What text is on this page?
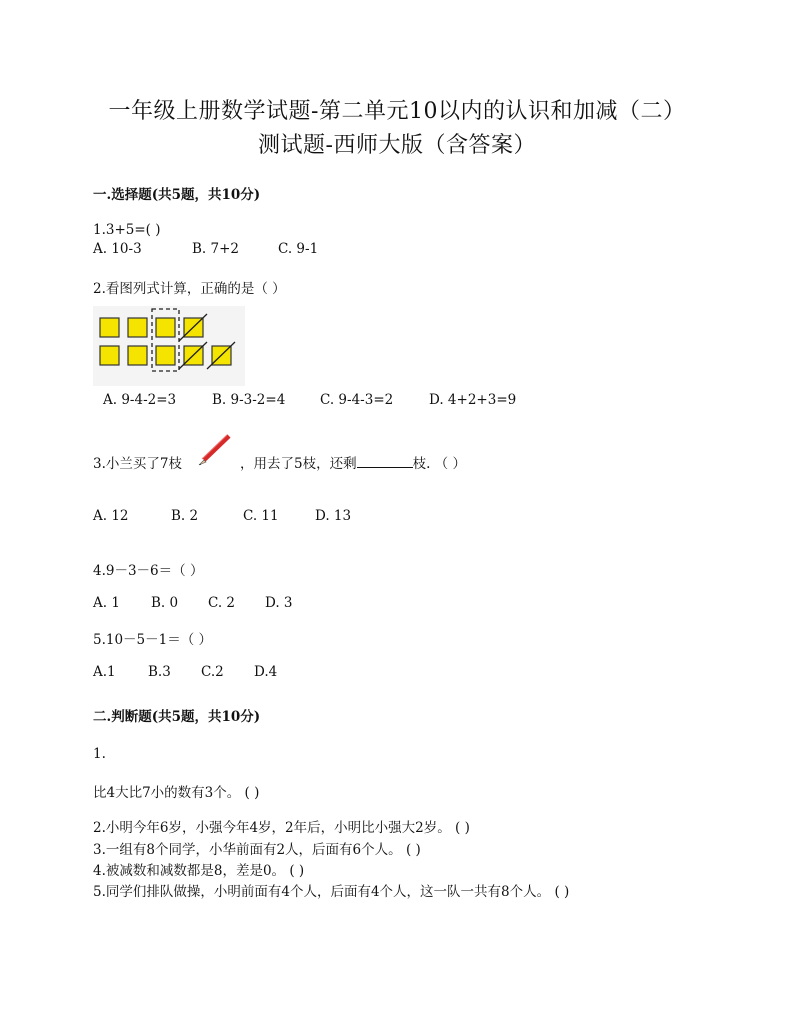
一年级上册数学试题-第二单元10以内的认识和加减（二）
测试题-西师大版（含答案）
一.选择题(共5题，共10分)
1.3+5=( )
A. 10-3	B. 7+2	C. 9-1
2.看图列式计算，正确的是（ ）
A. 9-4-2=3	B. 9-3-2=4	C. 9-4-3=2	D. 4+2+3=9
3.小兰买了7枝	，用去了5枝，还剩	枝. （ ）
A. 12	B. 2	C. 11	D. 13
4.9－3－6＝（ ）
A. 1 B. 0 C. 2 D. 3
5.10－5－1＝（ ）
A.1 B.3 C.2 D.4
二.判断题(共5题，共10分)
1.
比4大比7小的数有3个。 ( )
2.小明今年6岁，小强今年4岁，2年后，小明比小强大2岁。 ( )
3.一组有8个同学，小华前面有2人，后面有6个人。 ( )
4.被减数和减数都是8，差是0。 ( )
5.同学们排队做操，小明前面有4个人，后面有4个人，这一队一共有8个人。 ( )
